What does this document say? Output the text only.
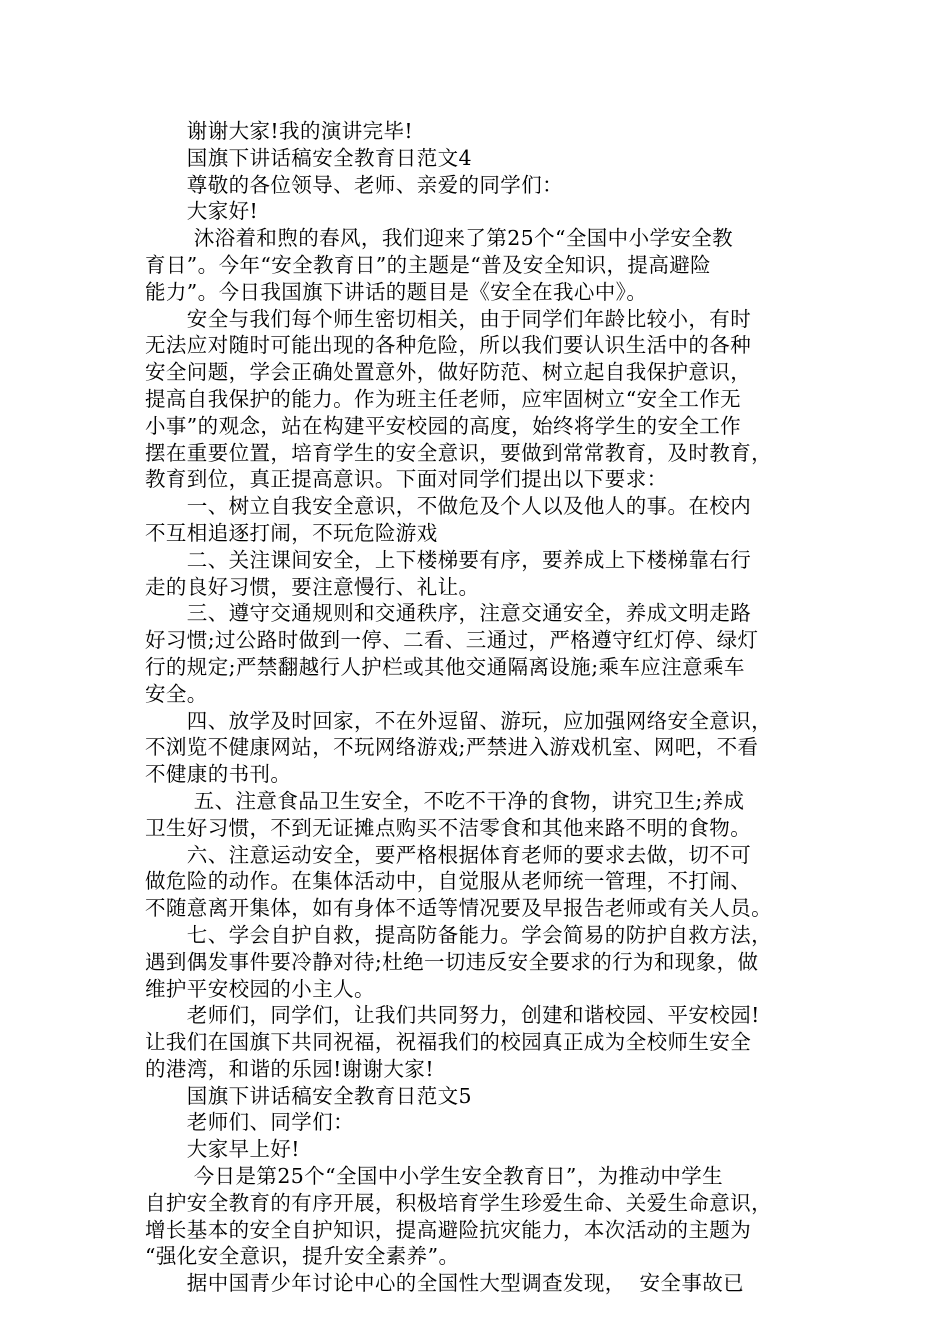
　　谢谢大家!我的演讲完毕!
　　国旗下讲话稿安全教育日范文4
　　尊敬的各位领导、老师、亲爱的同学们：
　　大家好!
　　 沐浴着和煦的春风，我们迎来了第25个“全国中小学安全教
育日”。今年“安全教育日”的主题是“普及安全知识，提高避险
能力”。今日我国旗下讲话的题目是《安全在我心中》。
　　安全与我们每个师生密切相关，由于同学们年龄比较小，有时
无法应对随时可能出现的各种危险，所以我们要认识生活中的各种
安全问题，学会正确处置意外，做好防范、树立起自我保护意识，
提高自我保护的能力。作为班主任老师，应牢固树立“安全工作无
小事”的观念，站在构建平安校园的高度，始终将学生的安全工作
摆在重要位置，培育学生的安全意识，要做到常常教育，及时教育，
教育到位，真正提高意识。下面对同学们提出以下要求：
　　一、树立自我安全意识，不做危及个人以及他人的事。在校内
不互相追逐打闹，不玩危险游戏
　　二、关注课间安全，上下楼梯要有序，要养成上下楼梯靠右行
走的良好习惯，要注意慢行、礼让。
　　三、遵守交通规则和交通秩序，注意交通安全，养成文明走路
好习惯;过公路时做到一停、二看、三通过，严格遵守红灯停、绿灯
行的规定;严禁翻越行人护栏或其他交通隔离设施;乘车应注意乘车
安全。
　　四、放学及时回家，不在外逗留、游玩，应加强网络安全意识，
不浏览不健康网站，不玩网络游戏;严禁进入游戏机室、网吧，不看
不健康的书刊。
　　 五、注意食品卫生安全，不吃不干净的食物，讲究卫生;养成
卫生好习惯，不到无证摊点购买不洁零食和其他来路不明的食物。
　　六、注意运动安全，要严格根据体育老师的要求去做，切不可
做危险的动作。在集体活动中，自觉服从老师统一管理，不打闹、
不随意离开集体，如有身体不适等情况要及早报告老师或有关人员。
　　七、学会自护自救，提高防备能力。学会简易的防护自救方法，
遇到偶发事件要冷静对待;杜绝一切违反安全要求的行为和现象，做
维护平安校园的小主人。
　　老师们，同学们，让我们共同努力，创建和谐校园、平安校园!
让我们在国旗下共同祝福，祝福我们的校园真正成为全校师生安全
的港湾，和谐的乐园!谢谢大家!
　　国旗下讲话稿安全教育日范文5
　　老师们、同学们：
　　大家早上好!
　　 今日是第25个“全国中小学生安全教育日”，为推动中学生
自护安全教育的有序开展，积极培育学生珍爱生命、关爱生命意识，
增长基本的安全自护知识，提高避险抗灾能力，本次活动的主题为
“强化安全意识，提升安全素养”。
　　据中国青少年讨论中心的全国性大型调查发现，  安全事故已
